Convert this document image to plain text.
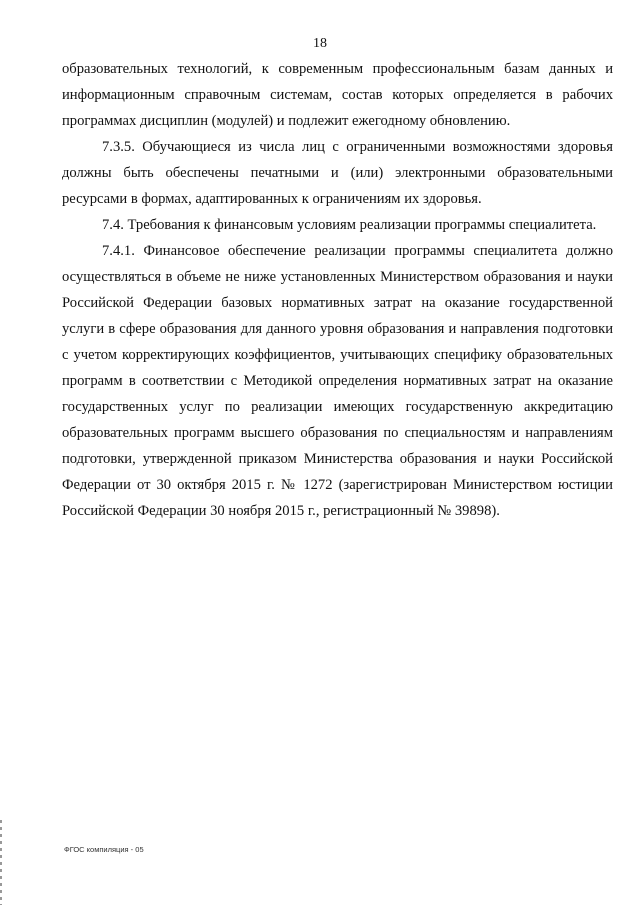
18

образовательных технологий, к современным профессиональным базам данных и информационным справочным системам, состав которых определяется в рабочих программах дисциплин (модулей) и подлежит ежегодному обновлению.

7.3.5. Обучающиеся из числа лиц с ограниченными возможностями здоровья должны быть обеспечены печатными и (или) электронными образовательными ресурсами в формах, адаптированных к ограничениям их здоровья.

7.4. Требования к финансовым условиям реализации программы специалитета.

7.4.1. Финансовое обеспечение реализации программы специалитета должно осуществляться в объеме не ниже установленных Министерством образования и науки Российской Федерации базовых нормативных затрат на оказание государственной услуги в сфере образования для данного уровня образования и направления подготовки с учетом корректирующих коэффициентов, учитывающих специфику образовательных программ в соответствии с Методикой определения нормативных затрат на оказание государственных услуг по реализации имеющих государственную аккредитацию образовательных программ высшего образования по специальностям и направлениям подготовки, утвержденной приказом Министерства образования и науки Российской Федерации от 30 октября 2015 г. № 1272 (зарегистрирован Министерством юстиции Российской Федерации 30 ноября 2015 г., регистрационный № 39898).

ФГОС компиляция - 05
